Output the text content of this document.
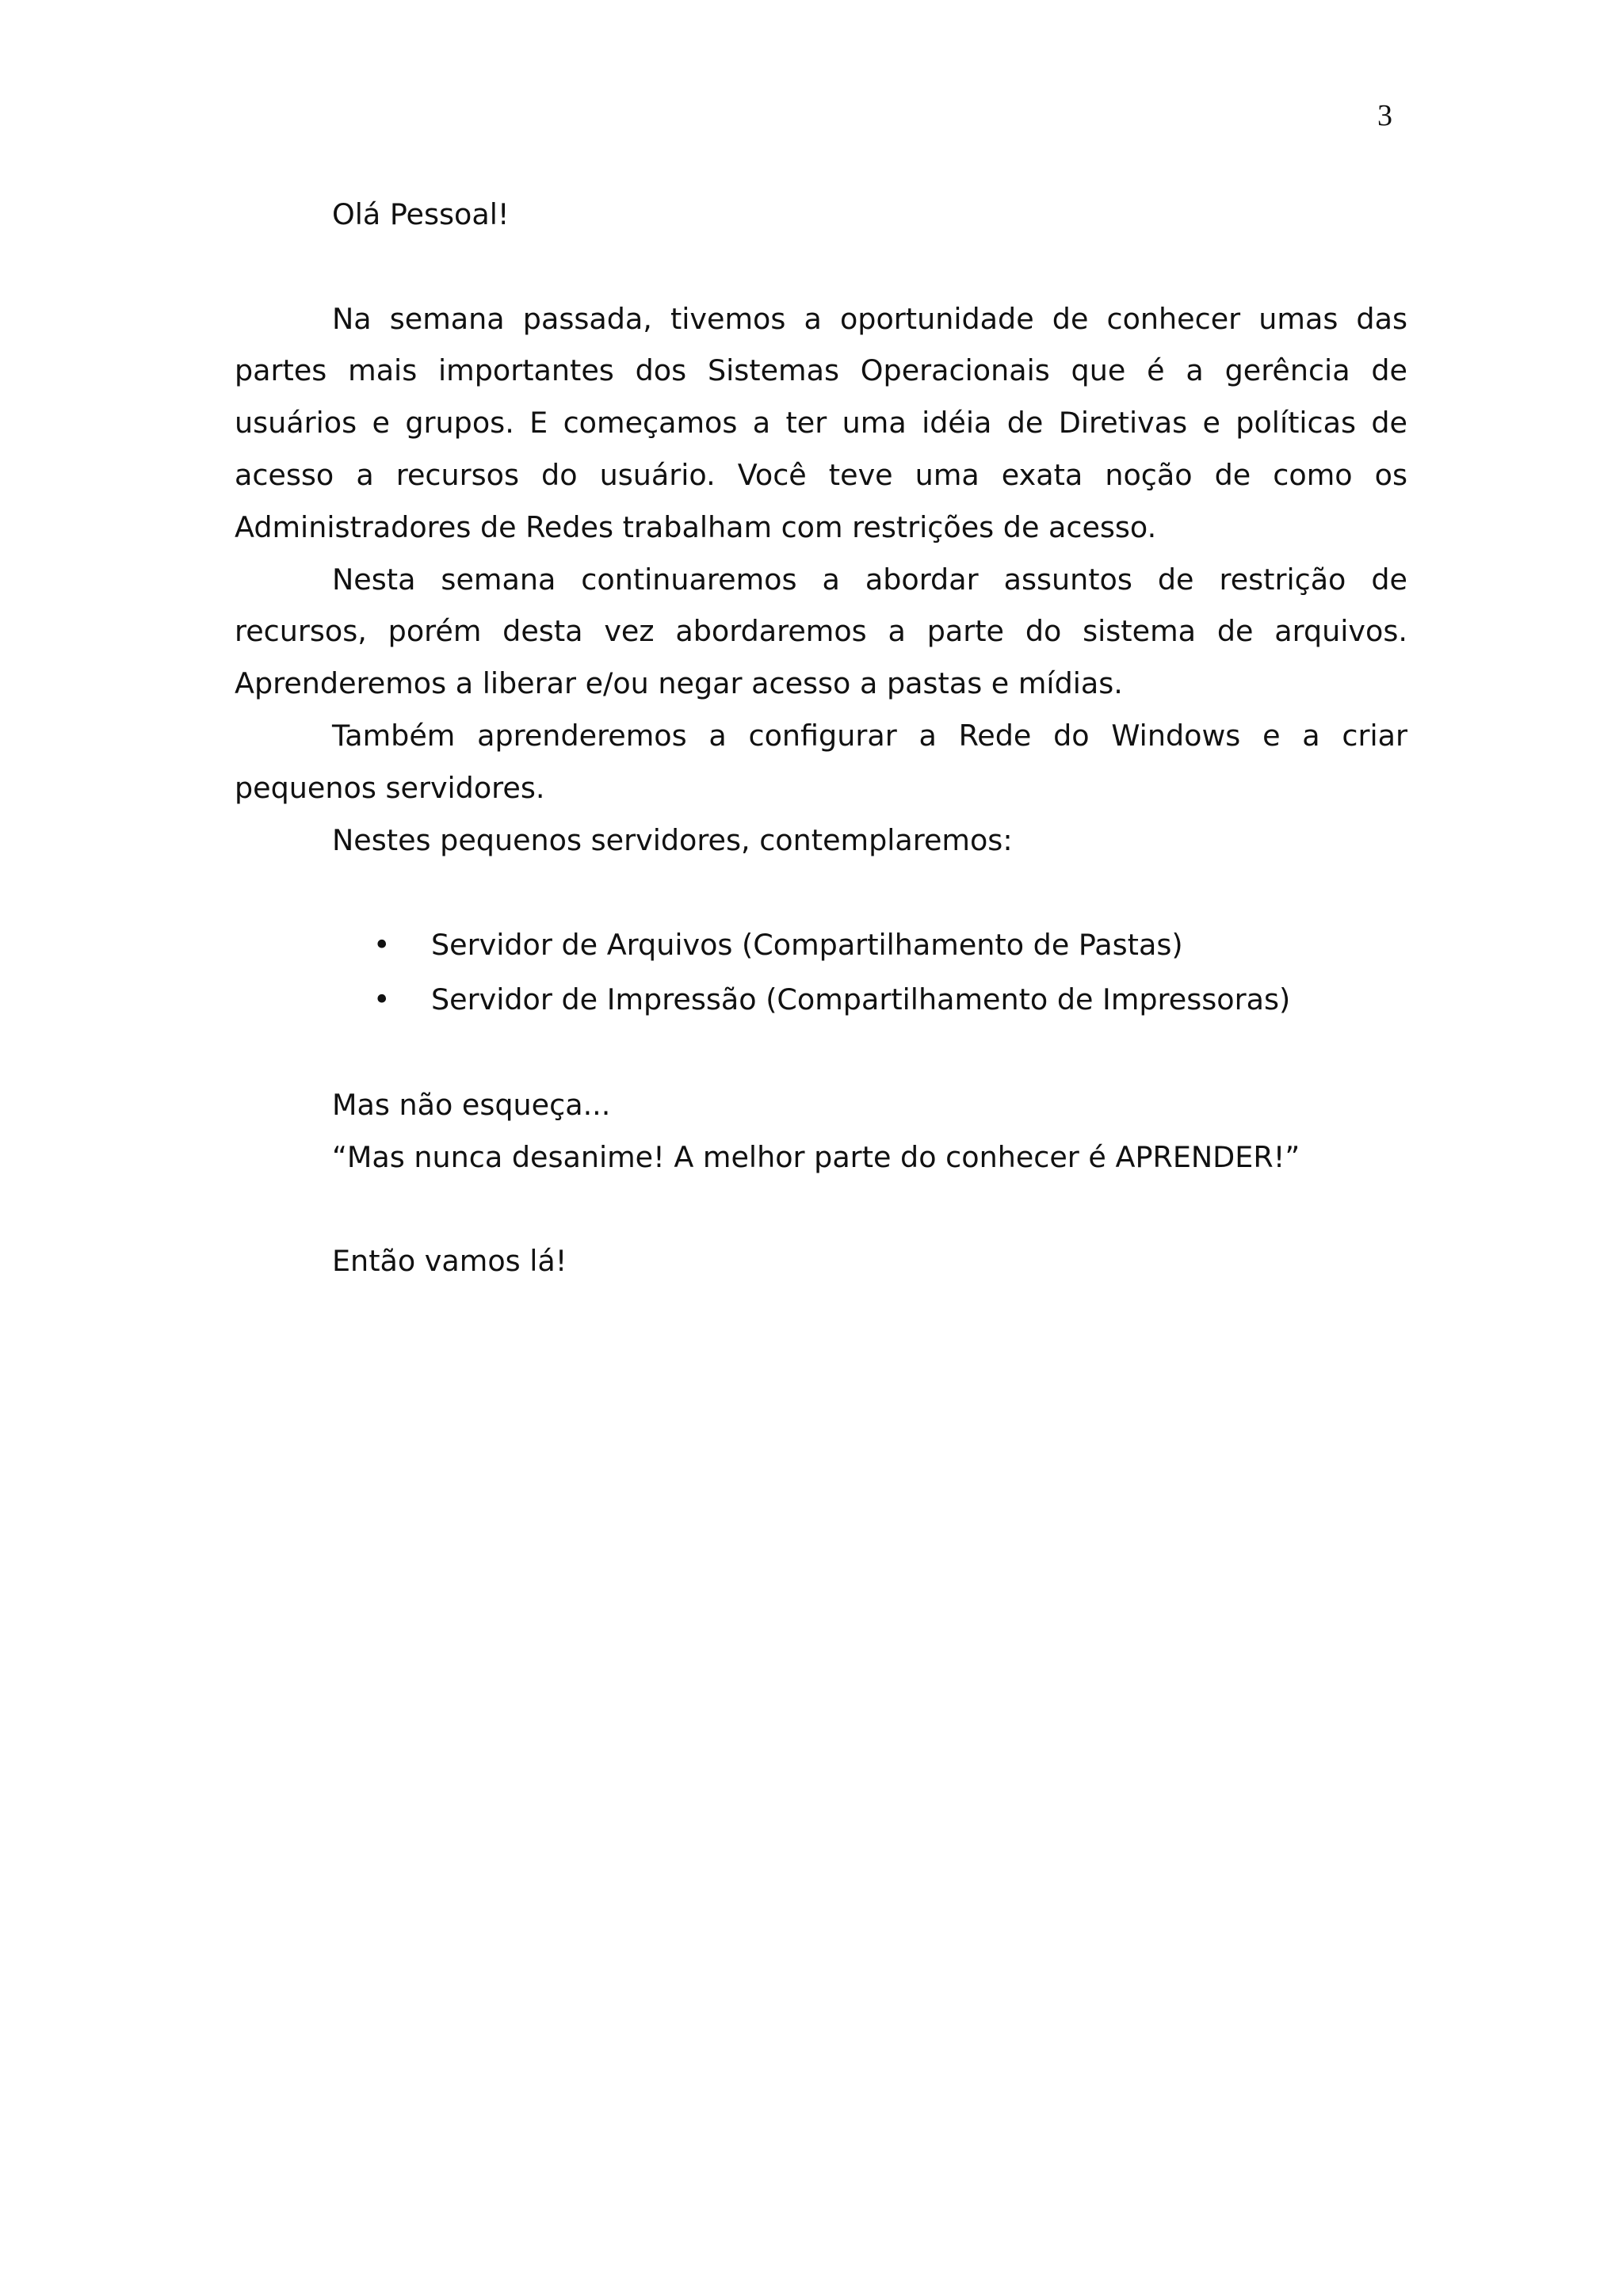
3

Olá Pessoal!

Na semana passada, tivemos a oportunidade de conhecer umas das partes mais importantes dos Sistemas Operacionais que é a gerência de usuários e grupos. E começamos a ter uma idéia de Diretivas e políticas de acesso a recursos do usuário. Você teve uma exata noção de como os Administradores de Redes trabalham com restrições de acesso.

Nesta semana continuaremos a abordar assuntos de restrição de recursos, porém desta vez abordaremos a parte do sistema de arquivos. Aprenderemos a liberar e/ou negar acesso a pastas e mídias.

Também aprenderemos a configurar a Rede do Windows e a criar pequenos servidores.

Nestes pequenos servidores, contemplaremos:

• Servidor de Arquivos (Compartilhamento de Pastas)
• Servidor de Impressão (Compartilhamento de Impressoras)

Mas não esqueça...

“Mas nunca desanime! A melhor parte do conhecer é APRENDER!”

Então vamos lá!
